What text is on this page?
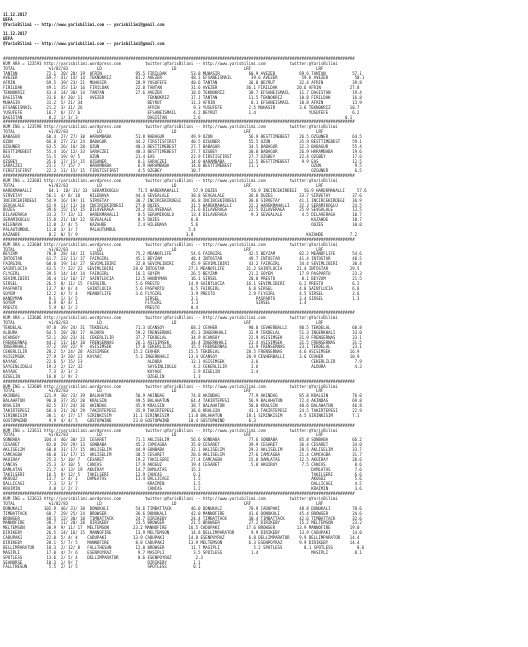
11.12.2017
UEFA
@YarisBilimi -- http://www.yarisbilimi.com -- yarisbilimi@gmail.com
11.12.2017
UEFA
@YarisBilimi -- http://www.yarisbilimi.com -- yarisbilimi@gmail.com

##################################################################################################################################################
KUM ARA = 123593 http://yarisbilimi.wordpress.com          twitter:@YarisBilimi -- http://www.yarisbilimi.com          twitter:@YarisBilimi
TOTAL              %1/82/83            LD                             LD                            LRF                           LRF
TANTAN            72.1  20/ 20/ 19  AFRIN              95.5 FIRILDAK          53.8 MUHASIR            60.9 AVEZER          69.6 TANTAN           57.1
AVEZER            69.7  41/ 14/ 14  TEKNOKRIZ          81.2 AVEZER            48.1 EFSANEISMAIL        39.6 AVEZER          59.6 AVEZER           50.1
AFRIN             69.5  39/ 23/ 21  MUHASIR            28.9 YUSUFEFE          40.6 TANTAN             36.8 BEYRUT          32.4 AFRIN            39.8
FIRILDAK          49.1  35/ 13/ 16  FIRILDAK           22.0 TANTAN            31.6 AVEZER            36.1 FIRILDAK        20.6 AFRIN            27.8
TEKNOKRIZ         43.4  14/ 30/ 14  TANTAN             27.6 AVEZER            18.6 TEKNOKRIZ          30.7 EFSANEISMAIL    11.7 DAGISTAN         19.4
DAGISTAN          33.6  8/ 20/ 11   AVEZER                  TEKNOKRIZ         17.1 TANTAN             11.5 TEKNOKRIZ       10.8 FIRILDAK         16.8
MUHASIR           31.2  5/ 21/ 34                           BEYRUT            11.3 AFRIN               8.1 EFSANEISMAIL    10.8 AFRIN            13.9
EFSANEISMAIL      21.2  3/ 31/ 26                           AFRIN              9.3 YUSUFEFE           2.5 MUHASIR          3.6 TEKNOKRIZ        10.7
YUSUFEFE          16.7  6/ 17/ 6                            EFSANEISMAIL       4.2 BEYRUT             1.4                      YUSUFEFE          6.2
DAGISTAN           8.2  1/ 3/ 3                             DAGISTAN           2.6                                                            0.1
##################################################################################################################################################
KUM ING = 123598 http://yarisbilimi.wordpress.com          twitter:@YarisBilimi -- http://www.yarisbilimi.com          twitter:@YarisBilimi
TOTAL              %1/82/83            LD                             LD                            LRF                           LRF
BABAGUR           68.4  27/ 27/ 30  HARAMBABA          51.8 BABAGUR           49.9 OZUN               56.9 BESTTIMEBEST    26.5 OZGUNER          64.5
OZUN              66.8  27/ 21/ 24  BABAGUR            44.2 FIRSTISFIRST      40.5 OZGUNER            55.5 OZUN            35.9 BESTTIMEBEST     59.1
OZGUNER           63.5  26/ 16/ 20  OZUN               40.3 BESTTIMEBEST      27.7 BABAGUR            34.5 BABAGUR         32.3 BABAGUR          55.4
BESTTIMEBEST      55.4  16/ 12/ 33  SARACZEI           40.3 BESTTIMEBEST      27.7 OZGBEY             30.0 BABAGUR         26.9 HARAMBABA        19.6
EAS               51.5  19/ 9/ 5    OZUN               21.4 EAS               22.9 FIRSTISFIRST       27.7 OZGBEY          22.4 OZGBEY           17.6
OZGBEY            35.6  17/ 15/ 15  OZGUNER             8.1 SARACZEI          14.0 HARAMBABA          12.5 BESTTIMEBEST     9.9 EAS              12.5
SARACZEI          23.1  7/ 15/ 7    HARAMBABA           6.9 HARAMBABA         14.0 BESTTIMEBEST       11.1                      OZUN              9.5
FIRSTISFIRST      22.3  11/ 15/ 15  FIRSTISFIRST        4.5 OZGBEY            10.7                                              OZGUNER           6.5
##################################################################################################################################################
KUM ING = 123601 http://yarisbilimi.wordpress.com          twitter:@YarisBilimi -- http://www.yarisbilimi.com          twitter:@YarisBilimi
TOTAL              %1/82/83            LD                             LD                            LRF                           LRF
HAREKMAHALLI       64.1  18/ 31/ 33  SERAMIKOGLU        71.5 HAREKMAHALLI      57.9 DUZES              56.9 INCIRCEKIRDEGI   56.9 HAREKMAHALLI     57.6
SIRVETAY          56.1  4/ 8/ 18    HILENAVA           44.4 SEVGALALE         38.8 SEVGALALE          36.8 DUZES           33.7 SIRVETAY         37.6
INCIRCEKIRDEGI    54.9  16/ 19/ 11  SIRVETAY           30.7 INCIRCEKIRDEGI    36.8 INCIRCEKIRDEGI     38.8 SIRVETAY        41.1 INCIRCEKIRDEGI   36.9
SEVGALALE         42.9  11/ 11/ 14  INCIRCEKIRDEGI     27.8 DUZES             31.5 HAREKMAHALLI       22.3 HAREKMAHALLI    32.3 SERAMIKOGLU      24.5
DUZES             39.6  15/ 15/ 15  DILAVERAGA         24.2 OILAVERAGA        21.6 DILAVERAGA         22.5 DILAVERAGA      25.9 SEVGALALE        13.5
DILAVERAGA        33.3  7/ 13/ 13   HAREKMAHALLI        8.5 SERAMIKOGLU       13.4 DILAVERAGA          9.3 SEVGALALE        4.5 DILAVERAGA       10.7
SERAMIKOGLU       15.0  21/ 10/ 22  SEVGALALE           8.5 DUZES             6.0                                               KAZAHDE          10.7
HILENAVA          12.0  2/ 4/ 5     KAZAHDE             2.4 HILENAVA          5.6                                               OUZES            10.0
PALAUTUMBUL       11.0  3/ 3/ 7     PALAUTUMBUL                              5.4
KAZAHDE            8.2  0/ 5/ 9                                             3.8                                               KAZAHDE           7.2
##################################################################################################################################################
KUM ARA = 123604 http://yarisbilimi.wordpress.com          twitter:@YarisBilimi -- http://www.yarisbilimi.com          twitter:@YarisBilimi
TOTAL              %1/82/83            LD                             LD                            LRF                           LRF
BEYZAM            70.8  28/ 16/ 21  SIRSEL             75.2 MEANOFLIFE        54.6 FAIRGIRL           42.5 BEYZAM          82.2 MEANOFLIFE       54.6
INTOSTAR          61.7  23/ 11/ 17  FAIRGIRL           45.1 BEYZAM            48.4 INTOSTAR           49.7 INTOSTAR        41.4 INTOSTAR         48.5
FAIRGIRL          60.0  19/ 14/ 27  SEVIMLIBIRI        32.8 SEVIMLIBIRI       45.9 SEVIMLIBIRI        43.2 FAIRGIRL        34.4 SEVIMLIBIRI      30.4
SAINTLUCIA        43.5  7/ 22/ 22  SEVIMLIBIRI        28.0 INTOSTAR          27.1 MEANOFLIFE         31.2 SAINTLUCIA      21.4 INTOSTAR         29.5
FLYGIRL           39.5  14/ 14/ 14  FAIRGIRL           16.1 SOYEM             26.5 BEYZAM             21.2 SOYEM           17.9 PASPARTU         23.3
SEVIMLIBIRI       36.4  11/ 16/ 17  SAINTLUCIA         12.5 HANDYMAN          16.1 SIRSEL             20.8 PRESTO           8.1 BEYZAM           21.5
SIRSEL            26.5  0/ 11/ 15  FAIRGIRL            5.6 PRESTO            14.9 SAINTLUCIA         16.1 SEVIMLIBIRI      6.2 PRESTO            6.2
PASPARTU          13.7  8/ 6/ 4    SAINTLUCIA          5.6 PASPARTU           6.5 FAIRGIRL            6.8 SIRSEL           4.8 SAINTLUCIA        6.8
SOYEM             12.2  6/ 7/ 4    MEANOFLIFE          3.6 FLYGIRL            3.9 PRESTO              2.9 FLYGIRL          4.5 SIRSEL            3.6
HANDYMAN           9.1  1/ 3/ 5                            SIRSEL             3.1                        PASPARTU          3.4 SIRSEL            1.3
SOYEM              6.9  0/ 4/ 1                            FLYGIRL            1.3                        SIRSEL            1.4
PRESTO             5.9  0/ 2/ 2                            PRESTO             0.4
##################################################################################################################################################
KUM ARA = 123606 http://yarisbilimi.wordpress.com          twitter:@YarisBilimi -- http://www.yarisbilimi.com          twitter:@YarisBilimi
TOTAL              %1/82/83            LD                             LD                            LRF                           LRF
TEKDELAL          97.8  39/ 24/ 31  TEKDELAL           71.3 UCANSOY           68.2 CEVHER             90.8 CEVHERBALLI     80.5 TEKDELAL         60.8
ALDURA            64.5  28/ 28/ 17  ALDURA             59.2 FRENSERNAS        45.3 INGERKHALI         32.9 TEKDELAL        51.3 INGERKHALI       33.0
UCANSOY           52.1  20/ 23/ 31  CEKERLILIR         37.7 TEKDELAL          34.9 UCANSOY            22.9 ASISIMSEK       31.9 FRENSERNAS       33.1
FRENSERNAS        44.2  11/ 16/ 10  FRENSERNAS         26.1 ASISIMSEK         34.4 INGERKHALI         21.4 ASISIMSEK       31.5 FRENSERNAS       31.5
INGERKHALI        37.2  19/ 22/ 9   ASISIMSEK          17.0 CEKERLILIR        15.5 FRENSERNAS         13.9 FRENSERNAS      23.1 TEKDELAL         23.1
CEKERLILIR        28.2  5/ 24/ 20  ASISIMSEK          15.2 CEVHER            15.5 TEKDELAL           20.5 FRENSERNAS       4.6 ASISIMSEK        16.9
ASISIMSEK         27.9  3/ 20/ 12  KAYAUC              5.3 INGERKHALI        13.4 UCANSOY            20.9 CEVHERBALLI      3.6 CEVHER           10.9
KAYAUC            22.6  5/ 15/ 13                           ALDURA            12.1 ASISIMSEK           3.6                      CEKERLILIR        7.9
SAYGINLIOGLU      19.3  2/ 12/ 32                           SAYGINLIOGLU       4.2 CEKERLILIR          3.6                      ALDURA            4.3
KAYAUC             7.3  3/ 3/ 2                             KAYAUC             2.9 OZGELIN             2.4
OZGELIN           16.8  1/ 9/ 2                             OZGELIN            1.3
##################################################################################################################################################
KUM ING = 123609 http://yarisbilimi.wordpress.com          twitter:@YarisBilimi -- http://www.yarisbilimi.com          twitter:@YarisBilimi
TOTAL              %1/82/83            LD                             LD                            LRF                           LRF
AKINDAG          121.9  30/ 23/ 39  BALAHATUN          50.9 AKINDAG           74.8 AKINDAG            77.9 AKINDAG         85.8 KRALSIN          76.0
BALAHATUN         90.8  37/ 35/ 20  KRALSIN            49.5 BALAHATUN         64.4 TAKIRTEPESI        56.9 BALAHATUN       72.4 AKINDAG          69.8
KRALSIN           82.5  37/ 24/ 36  AKINDAG            45.9 KRALSIN           38.7 BALAHATUN          50.0 KRALSIN         40.6 BALAHATUN        46.8
TAKIRTEPESI       68.4  21/ 26/ 29  TAKIRTEPESI        35.9 TAKIRTEPESI       38.6 KRALSIN            41.1 TAKIRTEPESI     24.5 TAKIRTEPESI      22.9
SIRINKISIM        30.1  4/ 17/ 17  SIRINKISIM         31.1 SIRINKISIM        11.0 BALAHATUN          18.1 SIRINKISIM       4.5 SIRINKISIM        7.1
GOSTOPWIND         9.9  4/ 4/ 5    GOSTOPWIND         23.0 GOSTOPWIND        10.4 GOSTOPWIND          6.3
##################################################################################################################################################
KUM ING = 123611 http://yarisbilimi.wordpress.com          twitter:@YarisBilimi -- http://www.yarisbilimi.com          twitter:@YarisBilimi
TOTAL              %1/82/83            LD                             LD                            LRF                           LRF
SONBABA          104.4  46/ 30/ 23  CESARET            71.1 AKLISELIM         56.6 SONBABA            77.6 SONBABA         85.8 SONBABA          66.2
CESARET           82.0  29/ 29/ 13  SONBABA            45.2 CAMCAGBA          35.0 CESARET            39.9 CESARET         36.4 CESARET          34.0
AKLISELIM         60.8  31/ 17/ 15  AKLISELIM          44.9 SONBABA           32.1 AKLISELIM          29.2 AKLISELIM       28.5 AKLISELIM        33.7
CAMCAGBA          46.0  31/ 17/ 15  AKLISELIM          30.5 CESARET           28.6 AKLISELIM          27.6 CAMCAGBA        21.4 CAMCAGBA         31.7
AKUIRAY           25.3  5/ 10/ 7   CESARET             19.2 TAKILSERI         27.4 CAMCAGBA           15.8 DAMLATAS        12.5 AKUIRAY          20.6
CANCAS            25.3  3/ 10/ 5   CANCAS              17.9 AKOGUZ            19.4 CESARET             5.8 AKUIRAY          7.5 CANCAS            8.6
DAMLATAS          21.7  4/ 13/ 19  AKUIRAY             14.7 DAMLATAS          15.3                                              DAMLATAS          7.6
TAKILSERI         16.5  9/ 12/ 5   TAKILSERI           12.9 CANCAS             6.1                                              TAKILSERI         6.6
AKOGUZ            13.7  1/ 4/ 1    DAMLATAS            11.4 DALLICAGI          1.5                                              AKOGUZ            5.6
DALLICAGI          7.3  1/ 1/ 7                             KRAIMIN            1.5                                              DALLICAGI         4.5
KRAIMIN            4.0  1/ 2/ 2                             CANCAS             1.2                                              KRAIMIN           3.6
##################################################################################################################################################
KUM ING = 123613 http://yarisbilimi.wordpress.com          twitter:@YarisBilimi -- http://www.yarisbilimi.com          twitter:@YarisBilimi
TOTAL              %1/82/83            LD                             LD                            LRF                           LRF
DONUKALI         102.9  46/ 31/ 30  DONUKALI           54.6 TIMBATTACK        46.0 DONUKALI           70.9 CADUPAKI        48.8 DONUKALI         70.6
TIMBATTACK        68.7  29/ 25/ 24  BROWSER            36.6 DONUKALI          42.0 MANNOFIRE          41.6 DONUKALI        45.4 BROWSER          34.6
BROWSER           48.5  12/ 30/ 10  TIMBATTACK         24.7 DIRIKEBY          24.4 TIMBATTACK         30.4 TIMBATTACK      42.6 TIMBATTACK       32.6
MANNOFIRE         38.7  11/ 20/ 20  DIRIKEBY           23.5 BROWSER           21.5 BROWSER            27.2 DIRIKEBY        15.2 MELTEMSON        23.2
MELTEMSON         30.9  9/ 11/ 17  MELTEMSON          23.2 MANNOFIRE         16.5 CADUPAKI           17.6 BROWSER         13.9 MANNOFIRE        19.0
DIRIKEBY          26.5  14/ 16/ 15  MANNOFIRE          13.9 MELTEMSON         14.8 DELLIMPARATOR       9.9 DIRIKEBY        13.9 CADUPAKI         14.0
CADUPAKI          22.0  5/ 4/ 4    CADUPAKI           13.9 CADUPAKI          14.8 ESENPOYRAZ          6.8 DELLIMPARATOR    9.9 DELLIMPARATOR    14.4
DIRIKEBY          20.1  5/ 7/ 5    MANNOFIRE           8.8 CADUPAKI          13.9 MELTEMSON           6.3 ESENPOYRAZ       9.9 DIRIKEBY         14.4
DELLIMPARATOR     18.3  2/ 12/ 8   FALLTHESUN          12.8 BROWSER           11.7 MASIPLI              5.2 SPOTLESS         8.1 SPOTLESS          8.6
MASIPLI           17.0  4/ 7/ 6    ESENPOYRAZ           9.7 MASIPLI            3.5 SPOTLESS            1.4                      MASIPLI           8.1
SPOTLESS          13.6  2/ 5/ 4    DELLIMPARATOR        8.6 ESENPOYRAZ          2.3
SEANORSE          10.3  1/ 9/ 7                             DIRIKEBY           1.1
FALLTHESUN         5.5  2/ 1/ 5                             SPOTLESS           0.1
